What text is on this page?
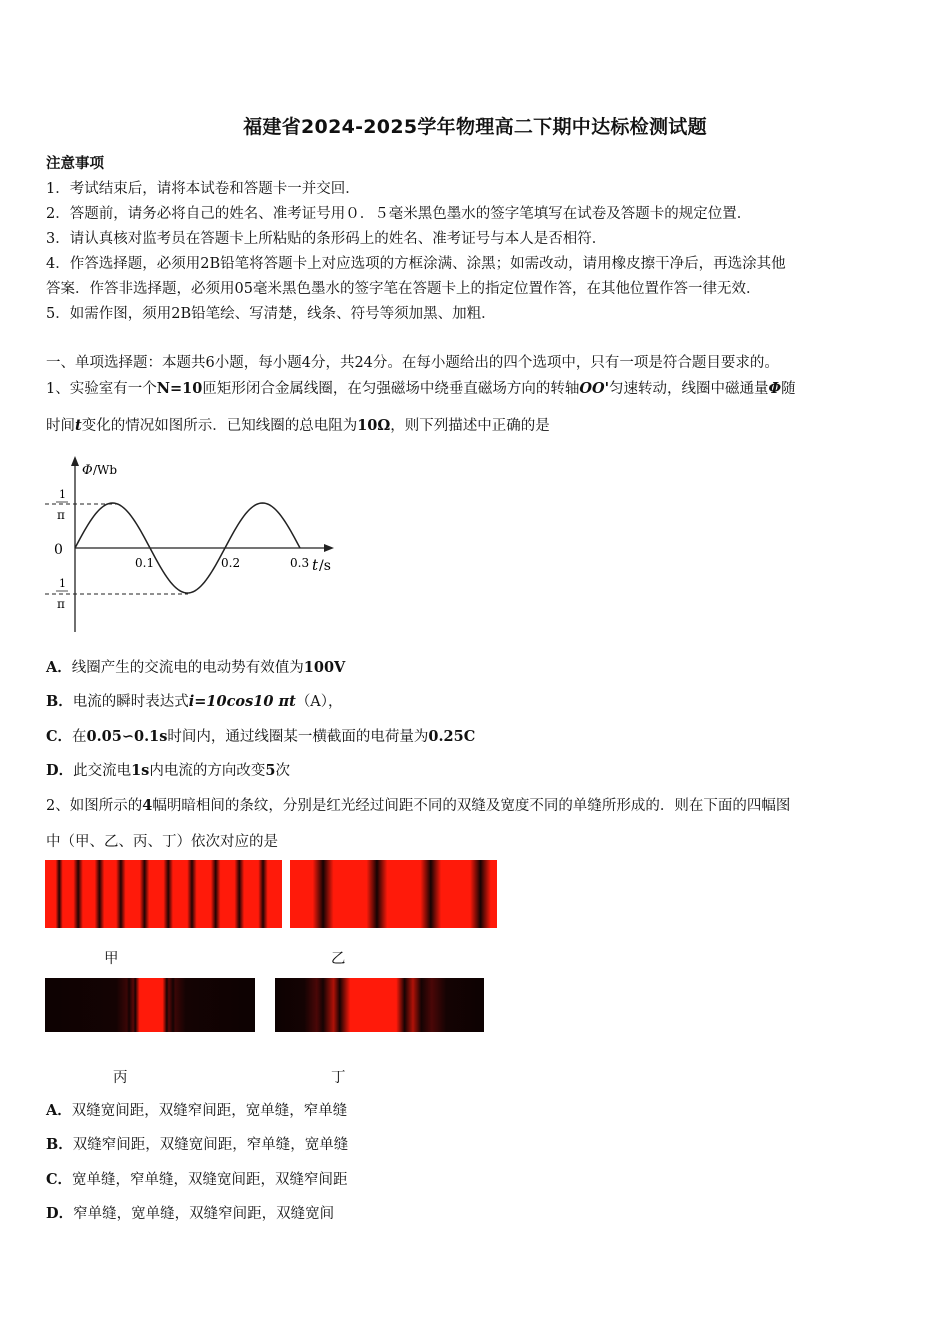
福建省2024-2025学年物理高二下期中达标检测试题
注意事项
1．考试结束后，请将本试卷和答题卡一并交回．
2．答题前，请务必将自己的姓名、准考证号用０．５毫米黑色墨水的签字笔填写在试卷及答题卡的规定位置．
3．请认真核对监考员在答题卡上所粘贴的条形码上的姓名、准考证号与本人是否相符．
4．作答选择题，必须用2B铅笔将答题卡上对应选项的方框涂满、涂黑；如需改动，请用橡皮擦干净后，再选涂其他
答案．作答非选择题，必须用05毫米黑色墨水的签字笔在答题卡上的指定位置作答，在其他位置作答一律无效．
5．如需作图，须用2B铅笔绘、写清楚，线条、符号等须加黑、加粗．
一、单项选择题：本题共6小题，每小题4分，共24分。在每小题给出的四个选项中，只有一项是符合题目要求的。
1、实验室有一个N=10匝矩形闭合金属线圈，在匀强磁场中绕垂直磁场方向的转轴OO'匀速转动，线圈中磁通量Φ随
时间t变化的情况如图所示．已知线圈的总电阻为10Ω，则下列描述中正确的是
Φ /Wb
0
1
π
1
π
0.1	0.2	0.3 t /s
A．线圈产生的交流电的电动势有效值为100V
B．电流的瞬时表达式i=10cos10 πt（A），
C．在0.05∽0.1s时间内，通过线圈某一横截面的电荷量为0.25C
D．此交流电1s内电流的方向改变5次
2、如图所示的4幅明暗相间的条纹，分别是红光经过间距不同的双缝及宽度不同的单缝所形成的．则在下面的四幅图
中（甲、乙、丙、丁）依次对应的是
甲	乙
丙	丁
A．双缝宽间距，双缝窄间距，宽单缝，窄单缝
B．双缝窄间距，双缝宽间距，窄单缝，宽单缝
C．宽单缝，窄单缝，双缝宽间距，双缝窄间距
D．窄单缝，宽单缝，双缝窄间距，双缝宽间
